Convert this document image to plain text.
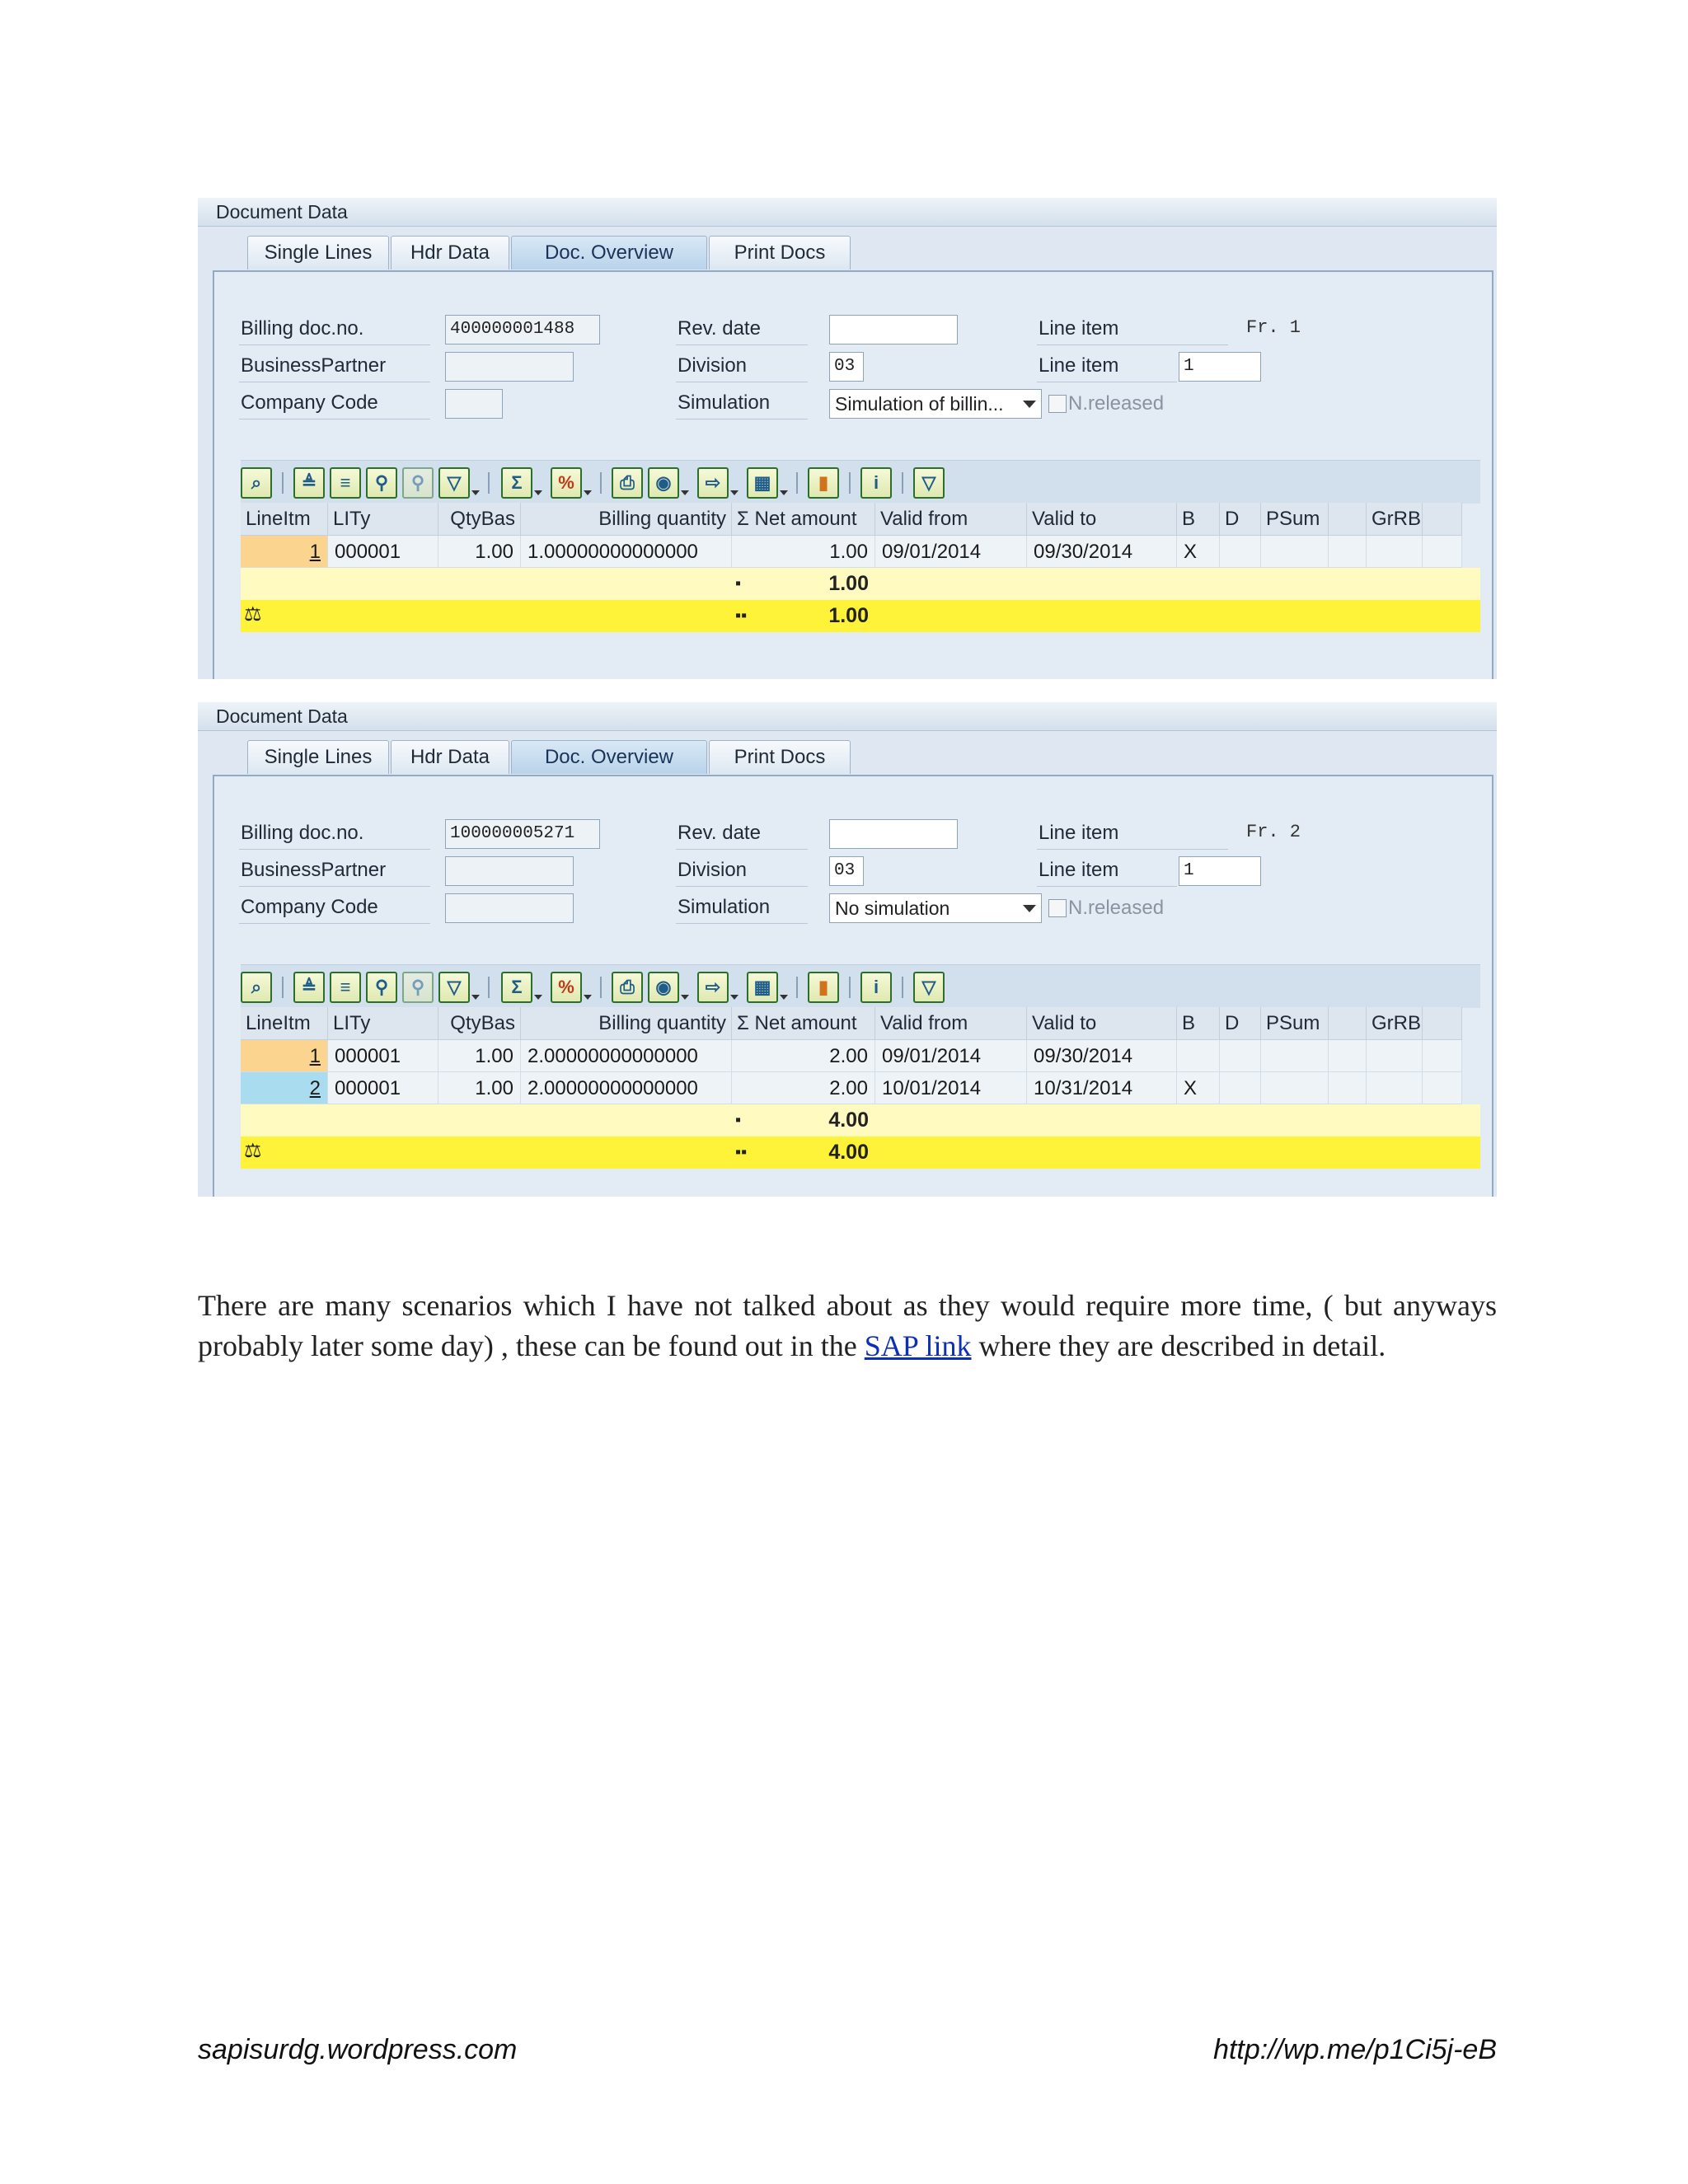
Document Data
Single Lines	Hdr Data	Doc. Overview	Print Docs
Billing doc.no.	400000001488
BusinessPartner
Company Code
Rev. date
Division	03
Simulation	Simulation of billin...	N.released
Line item	Fr. 1
Line item	1
⌕	≜	≡	⚲	⚲	▽	Σ	%	⎙	◉	⇨	▦	▮	i	▽
LineItm	LITy	QtyBas	Billing quantity Σ Net amount	Valid from	Valid to	B	D	PSum	GrRB
1 000001	1.00 1.00000000000000	1.00 09/01/2014	09/30/2014	X
▪	1.00
⚖	▪▪	1.00
Document Data
Single Lines	Hdr Data	Doc. Overview	Print Docs
Billing doc.no.	100000005271
BusinessPartner
Company Code
Rev. date
Division	03
Simulation	No simulation	N.released
Line item	Fr. 2
Line item	1
⌕	≜	≡	⚲	⚲	▽	Σ	%	⎙	◉	⇨	▦	▮	i	▽
LineItm	LITy	QtyBas	Billing quantity Σ Net amount	Valid from	Valid to	B	D	PSum	GrRB
1 000001	1.00 2.00000000000000	2.00 09/01/2014	09/30/2014
2 000001	1.00 2.00000000000000	2.00 10/01/2014	10/31/2014	X
▪	4.00
⚖	▪▪	4.00

There are many scenarios which I have not talked about as they would require more time, ( but anyways probably later some day) , these can be found out in the SAP link where they are described in detail.

sapisurdg.wordpress.com	http://wp.me/p1Ci5j-eB
